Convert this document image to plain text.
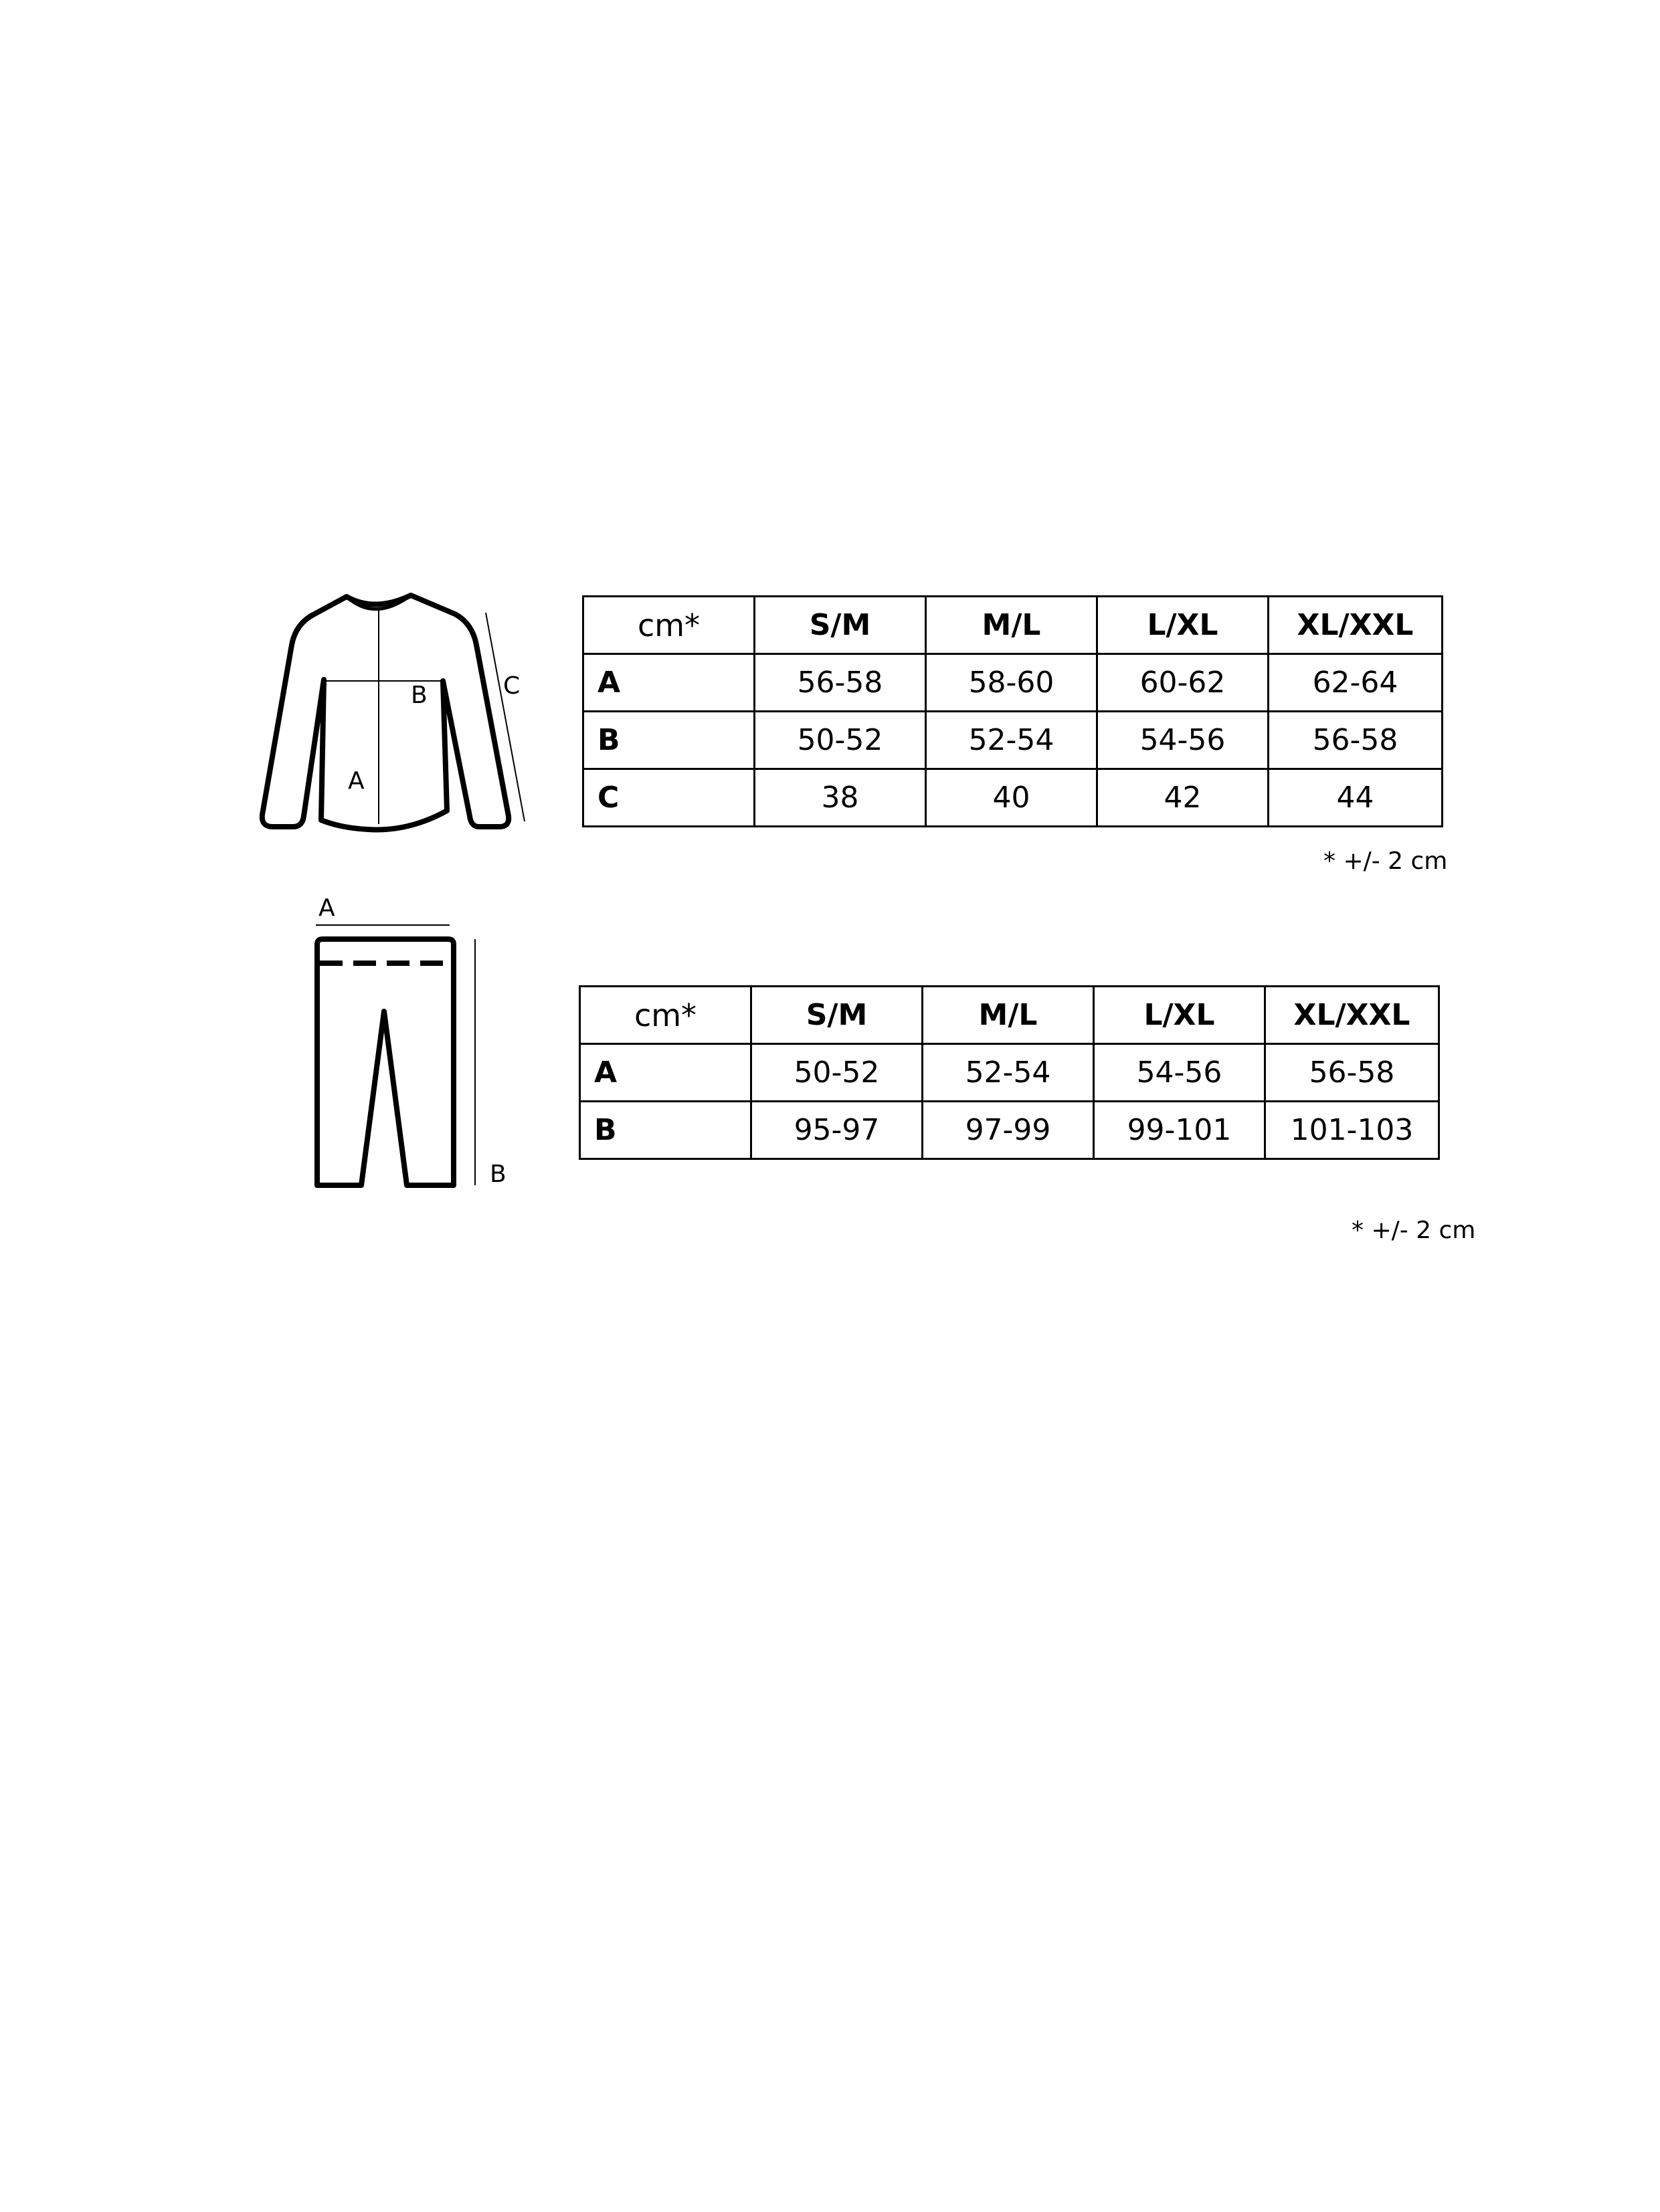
B
A
C
cm*	S/M	M/L	L/XL	XL/XXL
A	56-58	58-60	60-62	62-64
B	50-52	52-54	54-56	56-58
C	38	40	42	44
* +/- 2 cm
A
B
cm*	S/M	M/L	L/XL	XL/XXL
A	50-52	52-54	54-56	56-58
B	95-97	97-99	99-101	101-103
* +/- 2 cm
